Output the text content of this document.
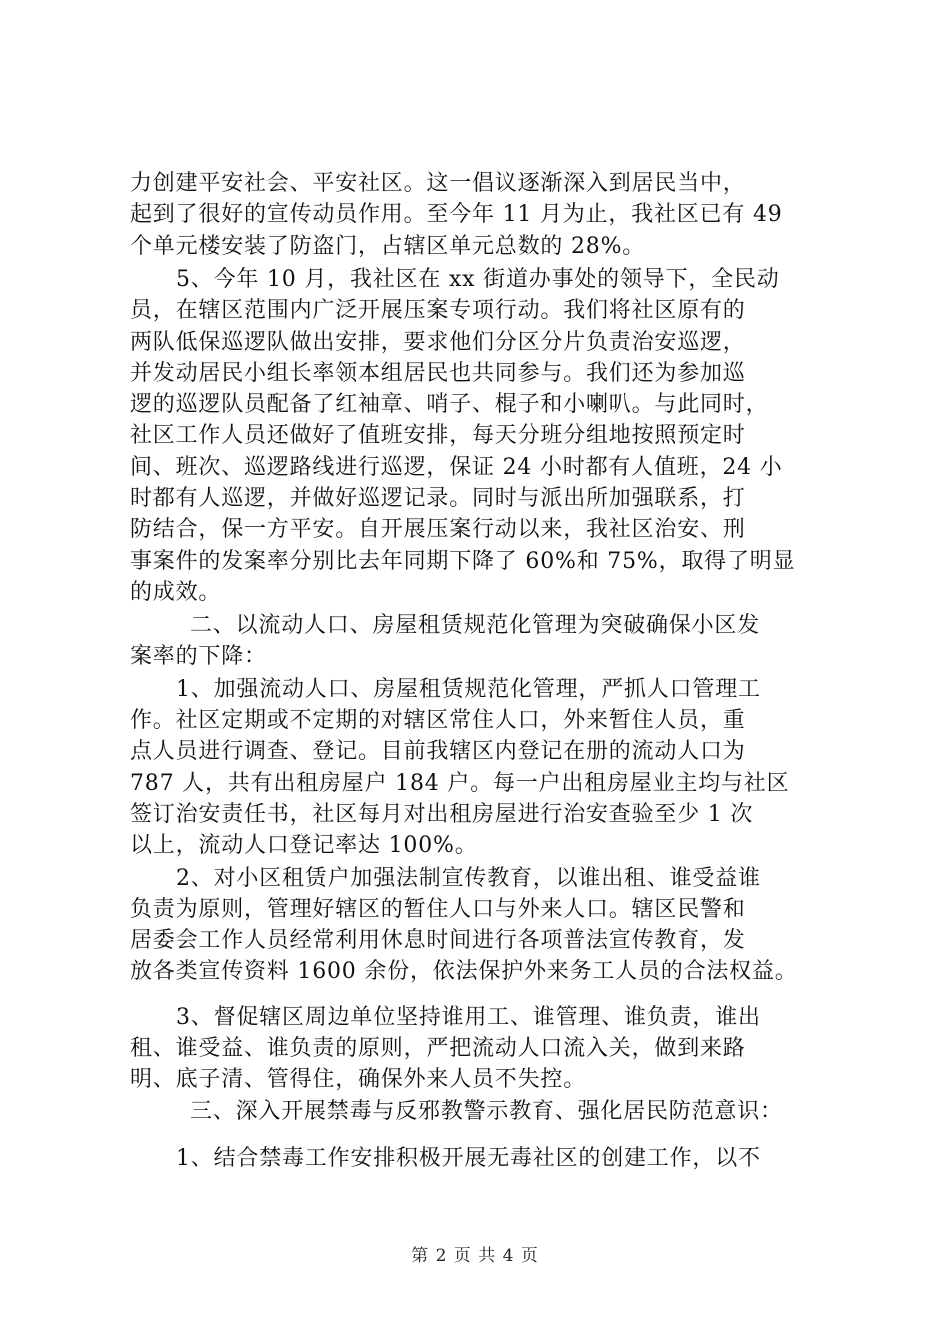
力创建平安社会、平安社区。这一倡议逐渐深入到居民当中，
起到了很好的宣传动员作用。至今年 11 月为止，我社区已有 49
个单元楼安装了防盗门，占辖区单元总数的 28%。
5、今年 10 月，我社区在 xx 街道办事处的领导下，全民动
员，在辖区范围内广泛开展压案专项行动。我们将社区原有的
两队低保巡逻队做出安排，要求他们分区分片负责治安巡逻，
并发动居民小组长率领本组居民也共同参与。我们还为参加巡
逻的巡逻队员配备了红袖章、哨子、棍子和小喇叭。与此同时，
社区工作人员还做好了值班安排，每天分班分组地按照预定时
间、班次、巡逻路线进行巡逻，保证 24 小时都有人值班，24 小
时都有人巡逻，并做好巡逻记录。同时与派出所加强联系，打
防结合，保一方平安。自开展压案行动以来，我社区治安、刑
事案件的发案率分别比去年同期下降了 60%和 75%，取得了明显
的成效。
二、以流动人口、房屋租赁规范化管理为突破确保小区发
案率的下降：
1、加强流动人口、房屋租赁规范化管理，严抓人口管理工
作。社区定期或不定期的对辖区常住人口，外来暂住人员，重
点人员进行调查、登记。目前我辖区内登记在册的流动人口为
787 人，共有出租房屋户 184 户。每一户出租房屋业主均与社区
签订治安责任书，社区每月对出租房屋进行治安查验至少 1 次
以上，流动人口登记率达 100%。
2、对小区租赁户加强法制宣传教育，以谁出租、谁受益谁
负责为原则，管理好辖区的暂住人口与外来人口。辖区民警和
居委会工作人员经常利用休息时间进行各项普法宣传教育，发
放各类宣传资料 1600 余份，依法保护外来务工人员的合法权益。
3、督促辖区周边单位坚持谁用工、谁管理、谁负责，谁出
租、谁受益、谁负责的原则，严把流动人口流入关，做到来路
明、底子清、管得住，确保外来人员不失控。
三、深入开展禁毒与反邪教警示教育、强化居民防范意识：
1、结合禁毒工作安排积极开展无毒社区的创建工作，以不
第 2 页 共 4 页
